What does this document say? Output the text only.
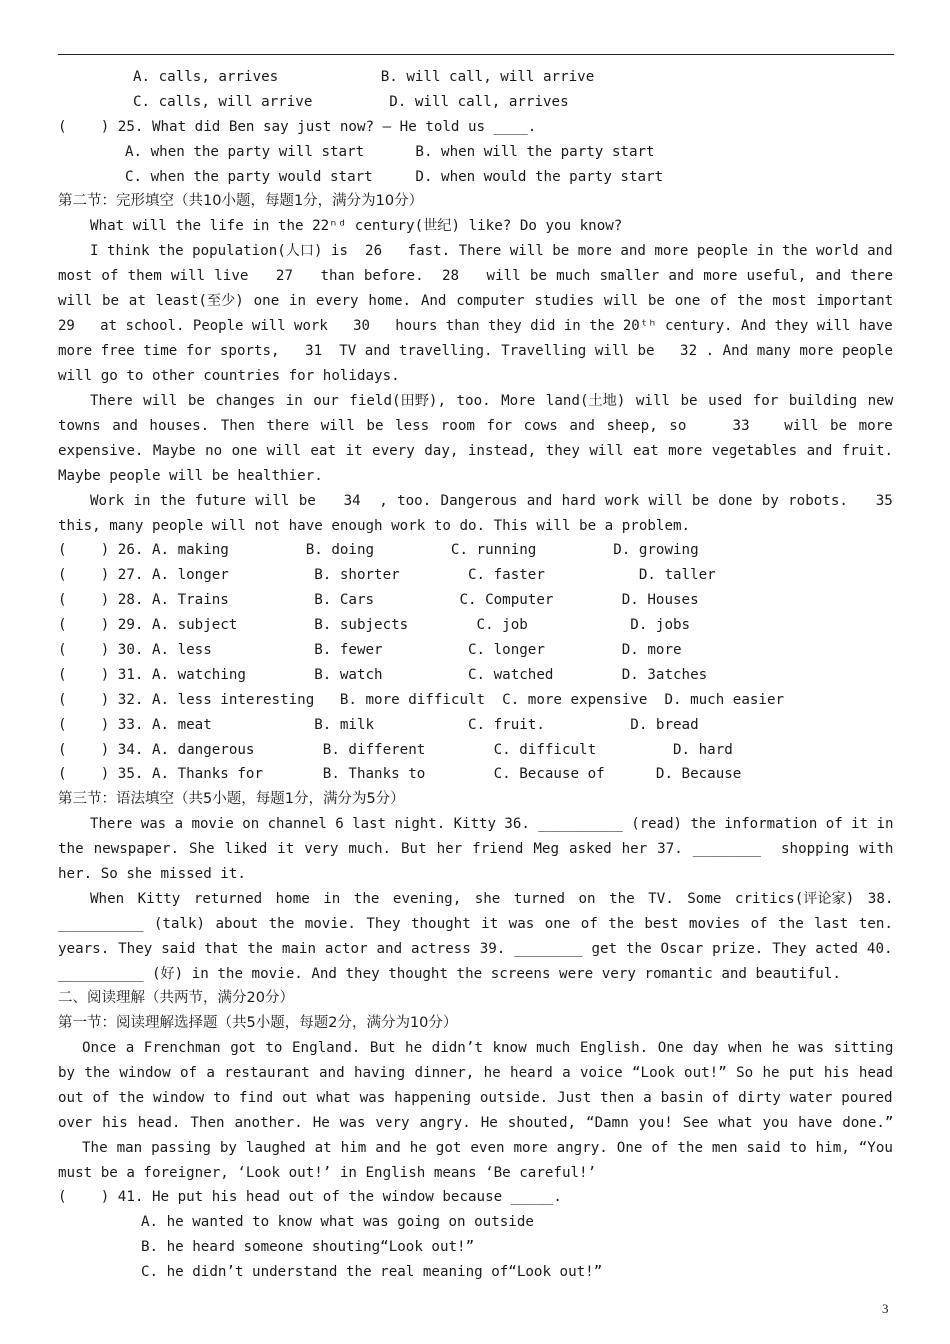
A. calls, arrives            B. will call, will arrive
C. calls, will arrive         D. will call, arrives
(    ) 25. What did Ben say just now? – He told us ____.
A. when the party will start      B. when will the party start
C. when the party would start     D. when would the party start
第二节：完形填空（共10小题，每题1分，满分为10分）
What will the life in the 22ⁿᵈ century(世纪) like? Do you know?
I think the population(人口) is  26   fast. There will be more and more people in the world and
most of them will live   27   than before.  28   will be much smaller and more useful, and there
will be at least(至少) one in every home. And computer studies will be one of the most important
29   at school. People will work   30   hours than they did in the 20ᵗʰ century. And they will have
more free time for sports,   31  TV and travelling. Travelling will be   32 . And many more people
will go to other countries for holidays.
There will be changes in our field(田野), too. More land(土地) will be used for building new
towns and houses. Then there will be less room for cows and sheep, so    33   will be more
expensive. Maybe no one will eat it every day, instead, they will eat more vegetables and fruit.
Maybe people will be healthier.
Work in the future will be   34  , too. Dangerous and hard work will be done by robots.   35
this, many people will not have enough work to do. This will be a problem.
(    ) 26. A. making         B. doing         C. running         D. growing
(    ) 27. A. longer          B. shorter        C. faster           D. taller
(    ) 28. A. Trains          B. Cars          C. Computer        D. Houses
(    ) 29. A. subject         B. subjects        C. job            D. jobs
(    ) 30. A. less            B. fewer          C. longer         D. more
(    ) 31. A. watching        B. watch          C. watched        D. 3atches
(    ) 32. A. less interesting   B. more difficult  C. more expensive  D. much easier
(    ) 33. A. meat            B. milk           C. fruit.          D. bread
(    ) 34. A. dangerous        B. different        C. difficult         D. hard
(    ) 35. A. Thanks for       B. Thanks to        C. Because of      D. Because
第三节：语法填空（共5小题，每题1分，满分为5分）
There was a movie on channel 6 last night. Kitty 36. __________ (read) the information of it in
the newspaper. She liked it very much. But her friend Meg asked her 37. ________  shopping with
her. So she missed it.
When Kitty returned home in the evening, she turned on the TV. Some critics(评论家) 38.
__________ (talk) about the movie. They thought it was one of the best movies of the last ten.
years. They said that the main actor and actress 39. ________ get the Oscar prize. They acted 40.
__________ (好) in the movie. And they thought the screens were very romantic and beautiful.
二、阅读理解（共两节，满分20分）
第一节：阅读理解选择题（共5小题，每题2分，满分为10分）
Once a Frenchman got to England. But he didn’t know much English. One day when he was sitting
by the window of a restaurant and having dinner, he heard a voice “Look out!” So he put his head
out of the window to find out what was happening outside. Just then a basin of dirty water poured
over his head. Then another. He was very angry. He shouted, “Damn you! See what you have done.”
The man passing by laughed at him and he got even more angry. One of the men said to him, “You
must be a foreigner, ‘Look out!’ in English means ‘Be careful!’
(    ) 41. He put his head out of the window because _____.
A. he wanted to know what was going on outside
B. he heard someone shouting“Look out!”
C. he didn’t understand the real meaning of“Look out!”
3
